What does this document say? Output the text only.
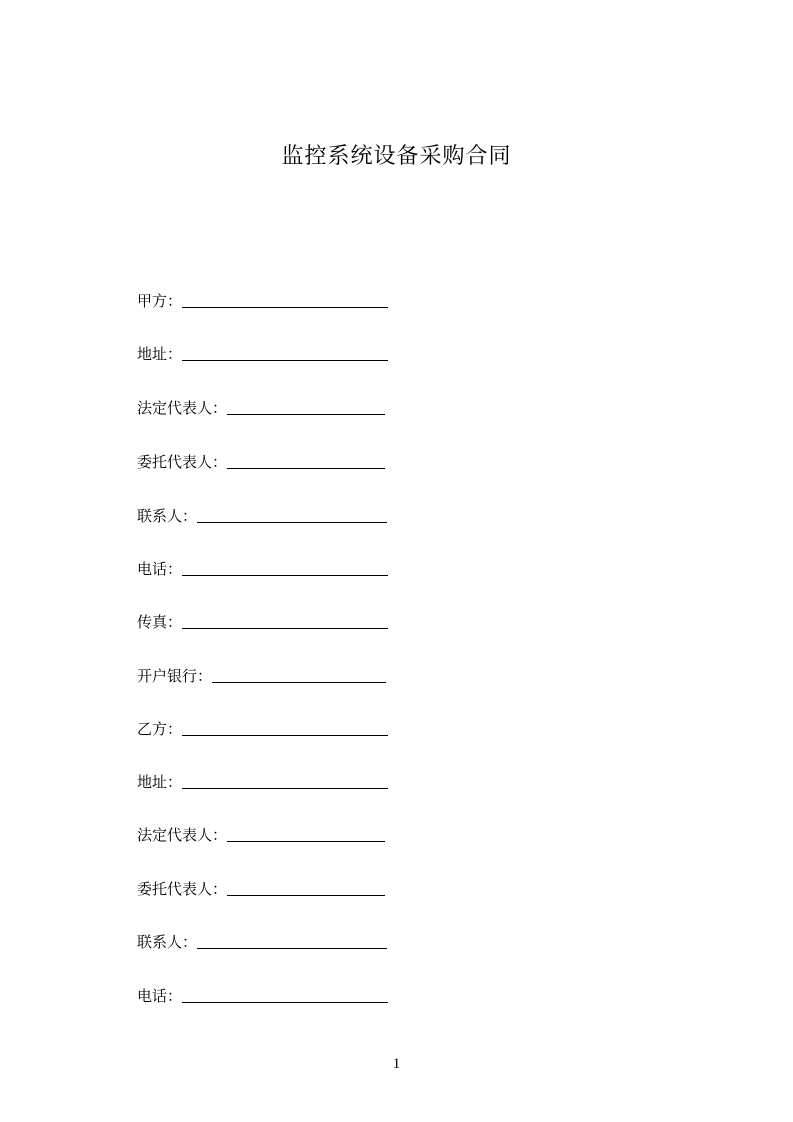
监控系统设备采购合同
甲方：
地址：
法定代表人：
委托代表人：
联系人：
电话：
传真：
开户银行：
乙方：
地址：
法定代表人：
委托代表人：
联系人：
电话：
1
